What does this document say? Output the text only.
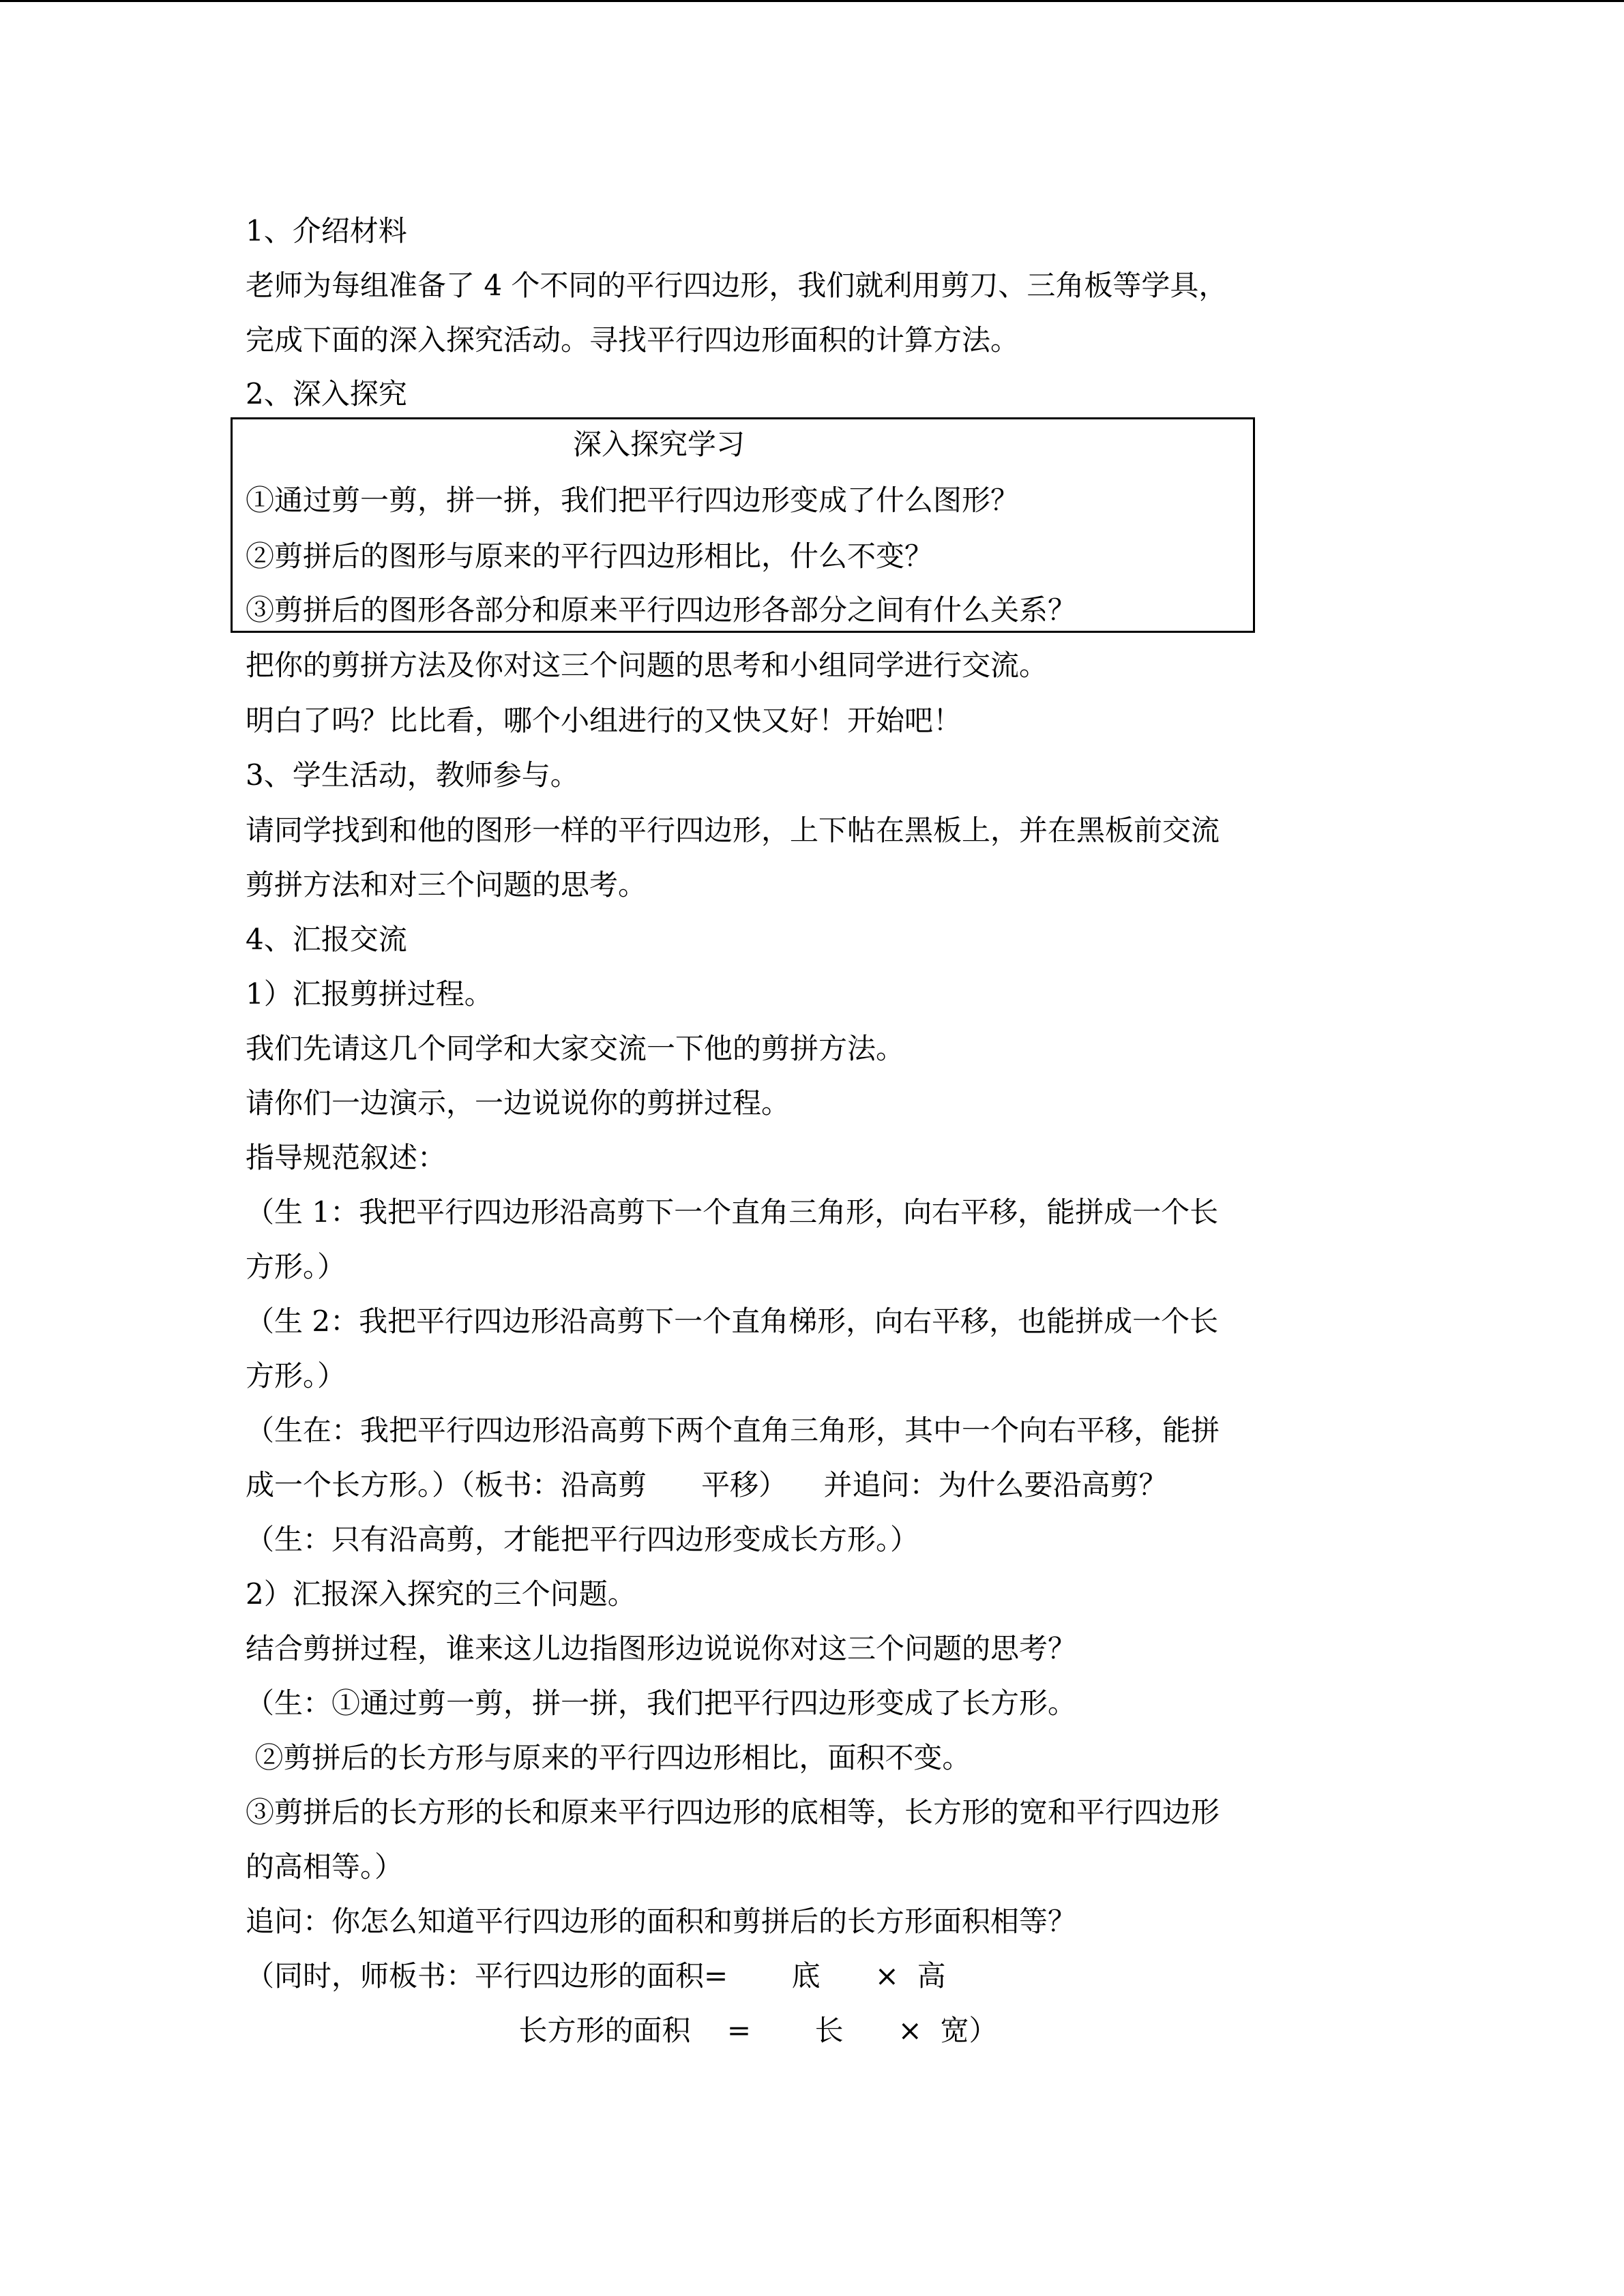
1、介绍材料
老师为每组准备了 4 个不同的平行四边形，我们就利用剪刀、三角板等学具，
完成下面的深入探究活动。寻找平行四边形面积的计算方法。
2、深入探究
深入探究学习
①通过剪一剪，拼一拼，我们把平行四边形变成了什么图形？
②剪拼后的图形与原来的平行四边形相比，什么不变？
③剪拼后的图形各部分和原来平行四边形各部分之间有什么关系？
把你的剪拼方法及你对这三个问题的思考和小组同学进行交流。
明白了吗？比比看，哪个小组进行的又快又好！开始吧！
3、学生活动，教师参与。
请同学找到和他的图形一样的平行四边形，上下帖在黑板上，并在黑板前交流
剪拼方法和对三个问题的思考。
4、汇报交流
1）汇报剪拼过程。
我们先请这几个同学和大家交流一下他的剪拼方法。
请你们一边演示，一边说说你的剪拼过程。
指导规范叙述：
（生 1：我把平行四边形沿高剪下一个直角三角形，向右平移，能拼成一个长
方形。）
（生 2：我把平行四边形沿高剪下一个直角梯形，向右平移，也能拼成一个长
方形。）
（生在：我把平行四边形沿高剪下两个直角三角形，其中一个向右平移，能拼
成一个长方形。）（板书：沿高剪      平移）    并追问：为什么要沿高剪？
（生：只有沿高剪，才能把平行四边形变成长方形。）
2）汇报深入探究的三个问题。
结合剪拼过程，谁来这儿边指图形边说说你对这三个问题的思考？
（生：①通过剪一剪，拼一拼，我们把平行四边形变成了长方形。
②剪拼后的长方形与原来的平行四边形相比，面积不变。
③剪拼后的长方形的长和原来平行四边形的底相等，长方形的宽和平行四边形
的高相等。）
追问：你怎么知道平行四边形的面积和剪拼后的长方形面积相等？
（同时，师板书：平行四边形的面积=       底      ×  高
长方形的面积    =       长      ×  宽）
